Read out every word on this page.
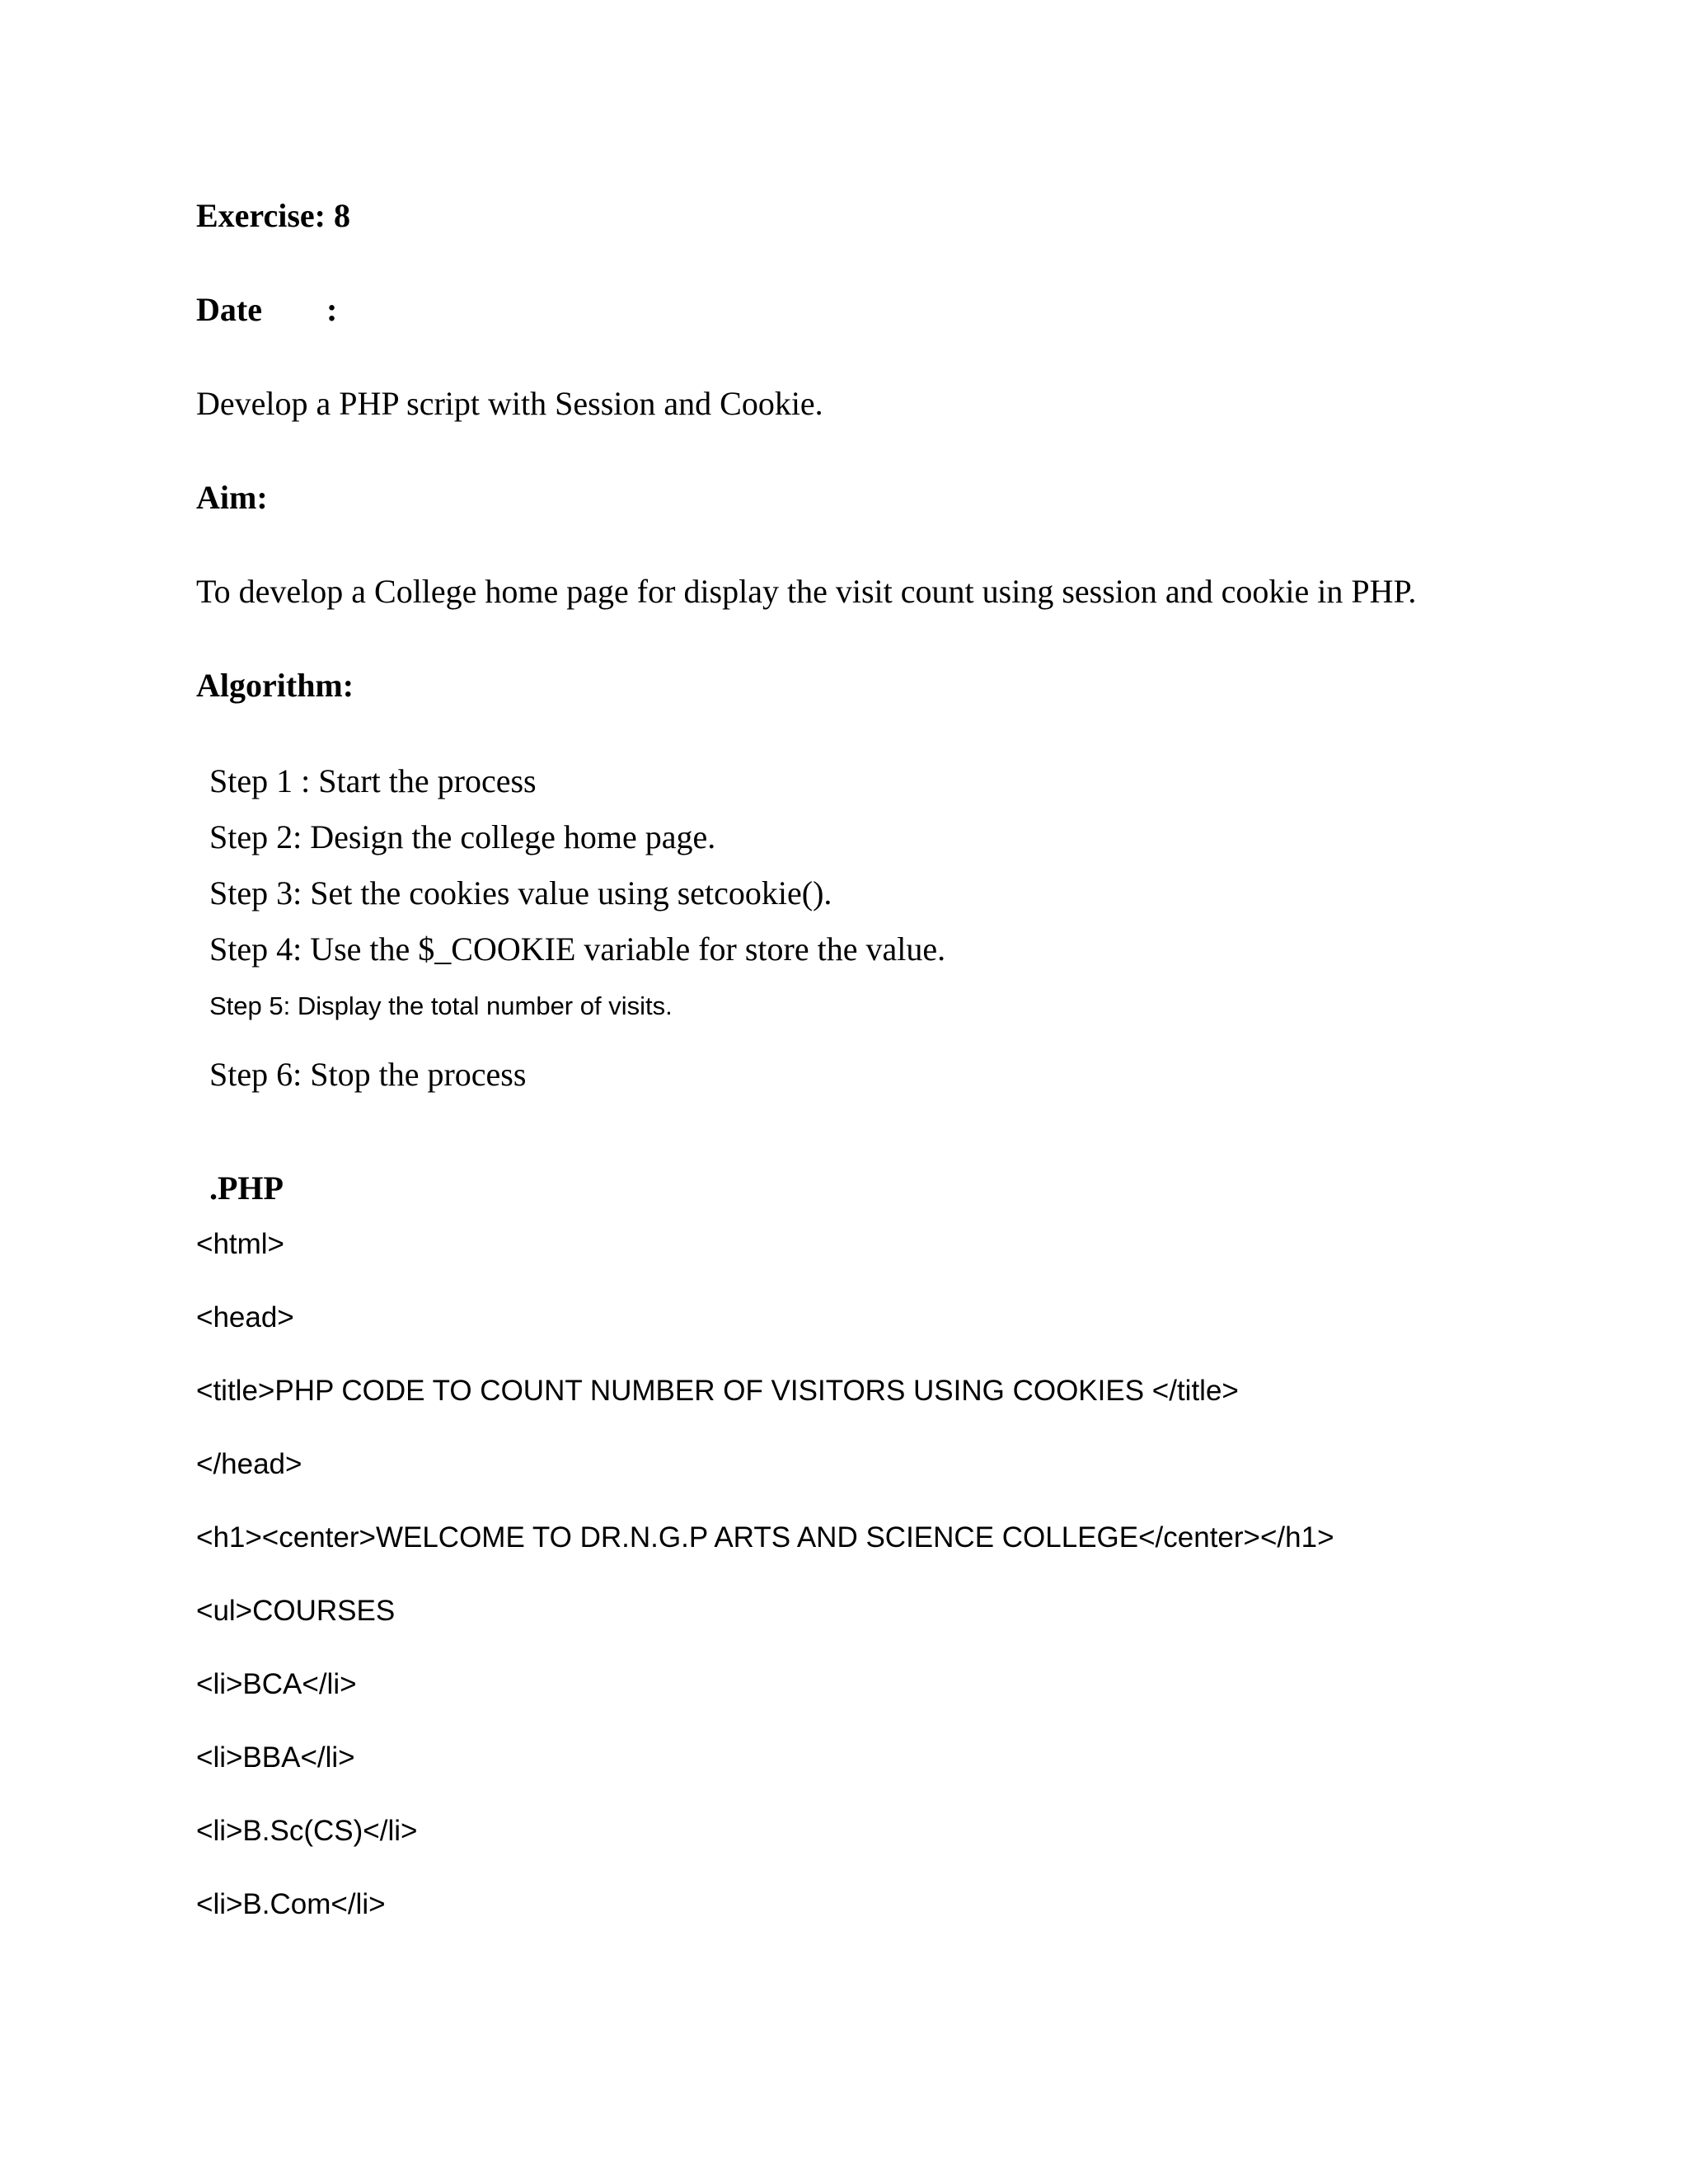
Exercise: 8
Date :
Develop a PHP script with Session and Cookie.
Aim:
To develop a College home page for display the visit count using session and cookie in PHP.
Algorithm:
Step 1 : Start the process
Step 2: Design the college home page.
Step 3: Set the cookies value using setcookie().
Step 4: Use the $_COOKIE variable for store the value.
Step 5: Display the total number of visits.
Step 6: Stop the process
.PHP
<html>
<head>
<title>PHP CODE TO COUNT NUMBER OF VISITORS USING COOKIES </title>
</head>
<h1><center>WELCOME TO DR.N.G.P ARTS AND SCIENCE COLLEGE</center></h1>
<ul>COURSES
<li>BCA</li>
<li>BBA</li>
<li>B.Sc(CS)</li>
<li>B.Com</li>
